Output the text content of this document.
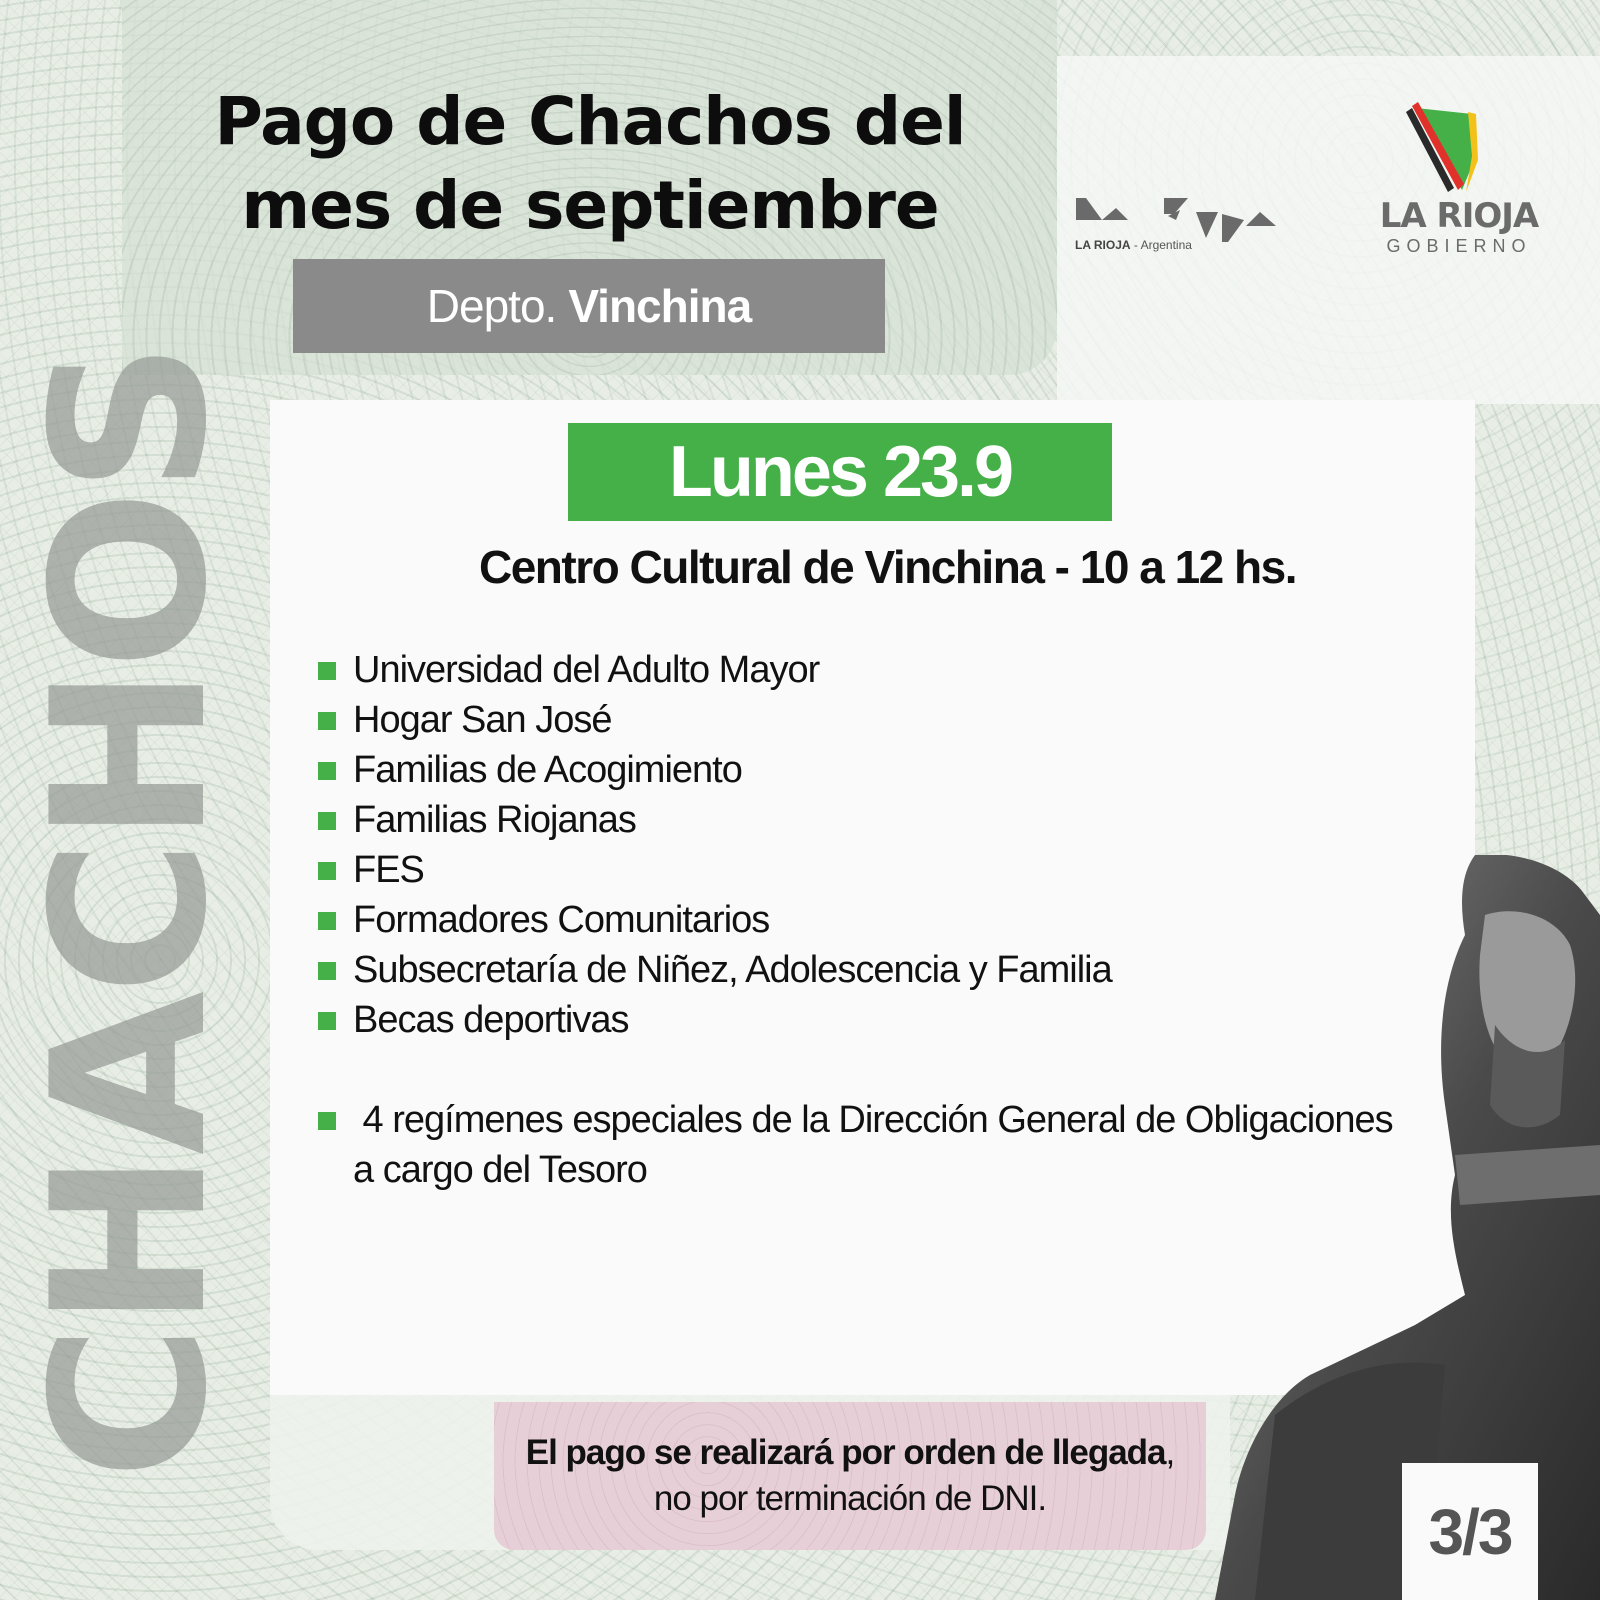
CHACHOS
Pago de Chachos del
mes de septiembre
Depto. Vinchina
LA RIOJA - Argentina
LA RIOJA
GOBIERNO
Lunes 23.9

Centro Cultural de Vinchina - 10 a 12 hs.

Universidad del Adulto Mayor
Hogar San José
Familias de Acogimiento
Familias Riojanas
FES
Formadores Comunitarios
Subsecretaría de Niñez, Adolescencia y Familia
Becas deportivas
4 regímenes especiales de la Dirección General de Obligaciones
a cargo del Tesoro
El pago se realizará por orden de llegada,
no por terminación de DNI.	3/3
